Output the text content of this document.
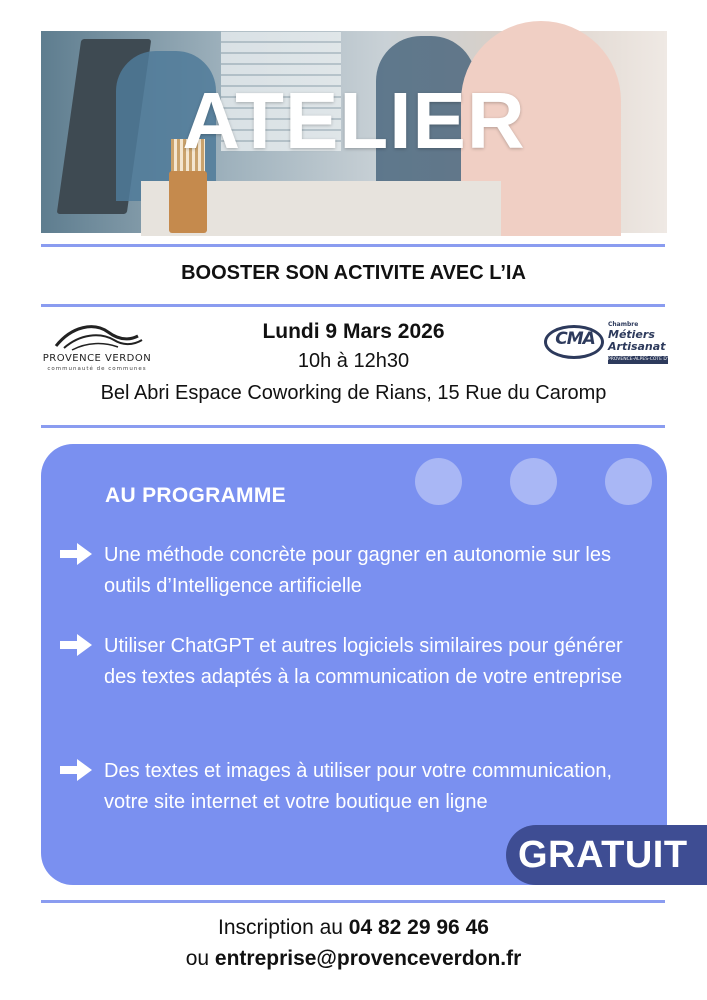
ATELIER
BOOSTER SON ACTIVITE AVEC L’IA
PROVENCE VERDON
communauté de communes
Lundi 9 Mars 2026
10h à 12h30
Bel Abri Espace Coworking de Rians, 15 Rue du Caromp
CMA
Chambre
Métiers
Artisanat
PROVENCE-ALPES-CÔTE D'AZUR
AU PROGRAMME
Une méthode concrète pour gagner en autonomie sur les outils d’Intelligence artificielle
Utiliser ChatGPT et autres logiciels similaires pour générer des textes adaptés à la communication de votre entreprise
Des textes et images à utiliser pour votre communication, votre site internet et votre boutique en ligne
GRATUIT
Inscription au 04 82 29 96 46
ou entreprise@provenceverdon.fr
